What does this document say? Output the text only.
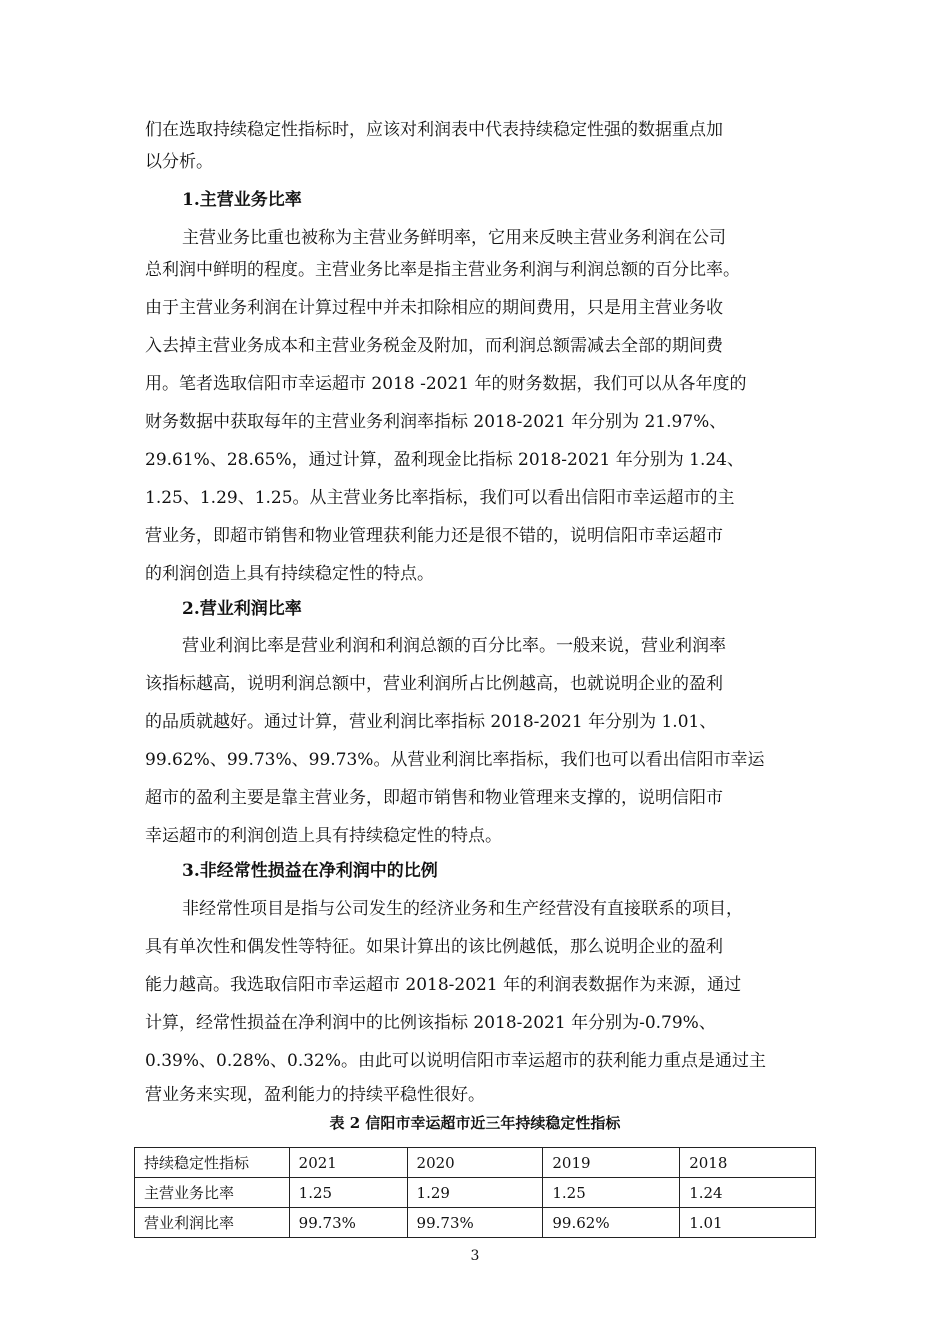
们在选取持续稳定性指标时，应该对利润表中代表持续稳定性强的数据重点加
以分析。
1.主营业务比率
主营业务比重也被称为主营业务鲜明率，它用来反映主营业务利润在公司
总利润中鲜明的程度。主营业务比率是指主营业务利润与利润总额的百分比率。
由于主营业务利润在计算过程中并未扣除相应的期间费用，只是用主营业务收
入去掉主营业务成本和主营业务税金及附加，而利润总额需减去全部的期间费
用。笔者选取信阳市幸运超市 2018 -2021 年的财务数据，我们可以从各年度的
财务数据中获取每年的主营业务利润率指标 2018-2021 年分别为 21.97%、
29.61%、28.65%，通过计算，盈利现金比指标 2018-2021 年分别为 1.24、
1.25、1.29、1.25。从主营业务比率指标，我们可以看出信阳市幸运超市的主
营业务，即超市销售和物业管理获利能力还是很不错的，说明信阳市幸运超市
的利润创造上具有持续稳定性的特点。
2.营业利润比率
营业利润比率是营业利润和利润总额的百分比率。一般来说，营业利润率
该指标越高，说明利润总额中，营业利润所占比例越高，也就说明企业的盈利
的品质就越好。通过计算，营业利润比率指标 2018-2021 年分别为 1.01、
99.62%、99.73%、99.73%。从营业利润比率指标，我们也可以看出信阳市幸运
超市的盈利主要是靠主营业务，即超市销售和物业管理来支撑的，说明信阳市
幸运超市的利润创造上具有持续稳定性的特点。
3.非经常性损益在净利润中的比例
非经常性项目是指与公司发生的经济业务和生产经营没有直接联系的项目，
具有单次性和偶发性等特征。如果计算出的该比例越低，那么说明企业的盈利
能力越高。我选取信阳市幸运超市 2018-2021 年的利润表数据作为来源，通过
计算，经常性损益在净利润中的比例该指标 2018-2021 年分别为-0.79%、
0.39%、0.28%、0.32%。由此可以说明信阳市幸运超市的获利能力重点是通过主
营业务来实现，盈利能力的持续平稳性很好。
表 2 信阳市幸运超市近三年持续稳定性指标
持续稳定性指标	2021	2020	2019	2018
主营业务比率	1.25	1.29	1.25	1.24
营业利润比率	99.73%	99.73%	99.62%	1.01
3
